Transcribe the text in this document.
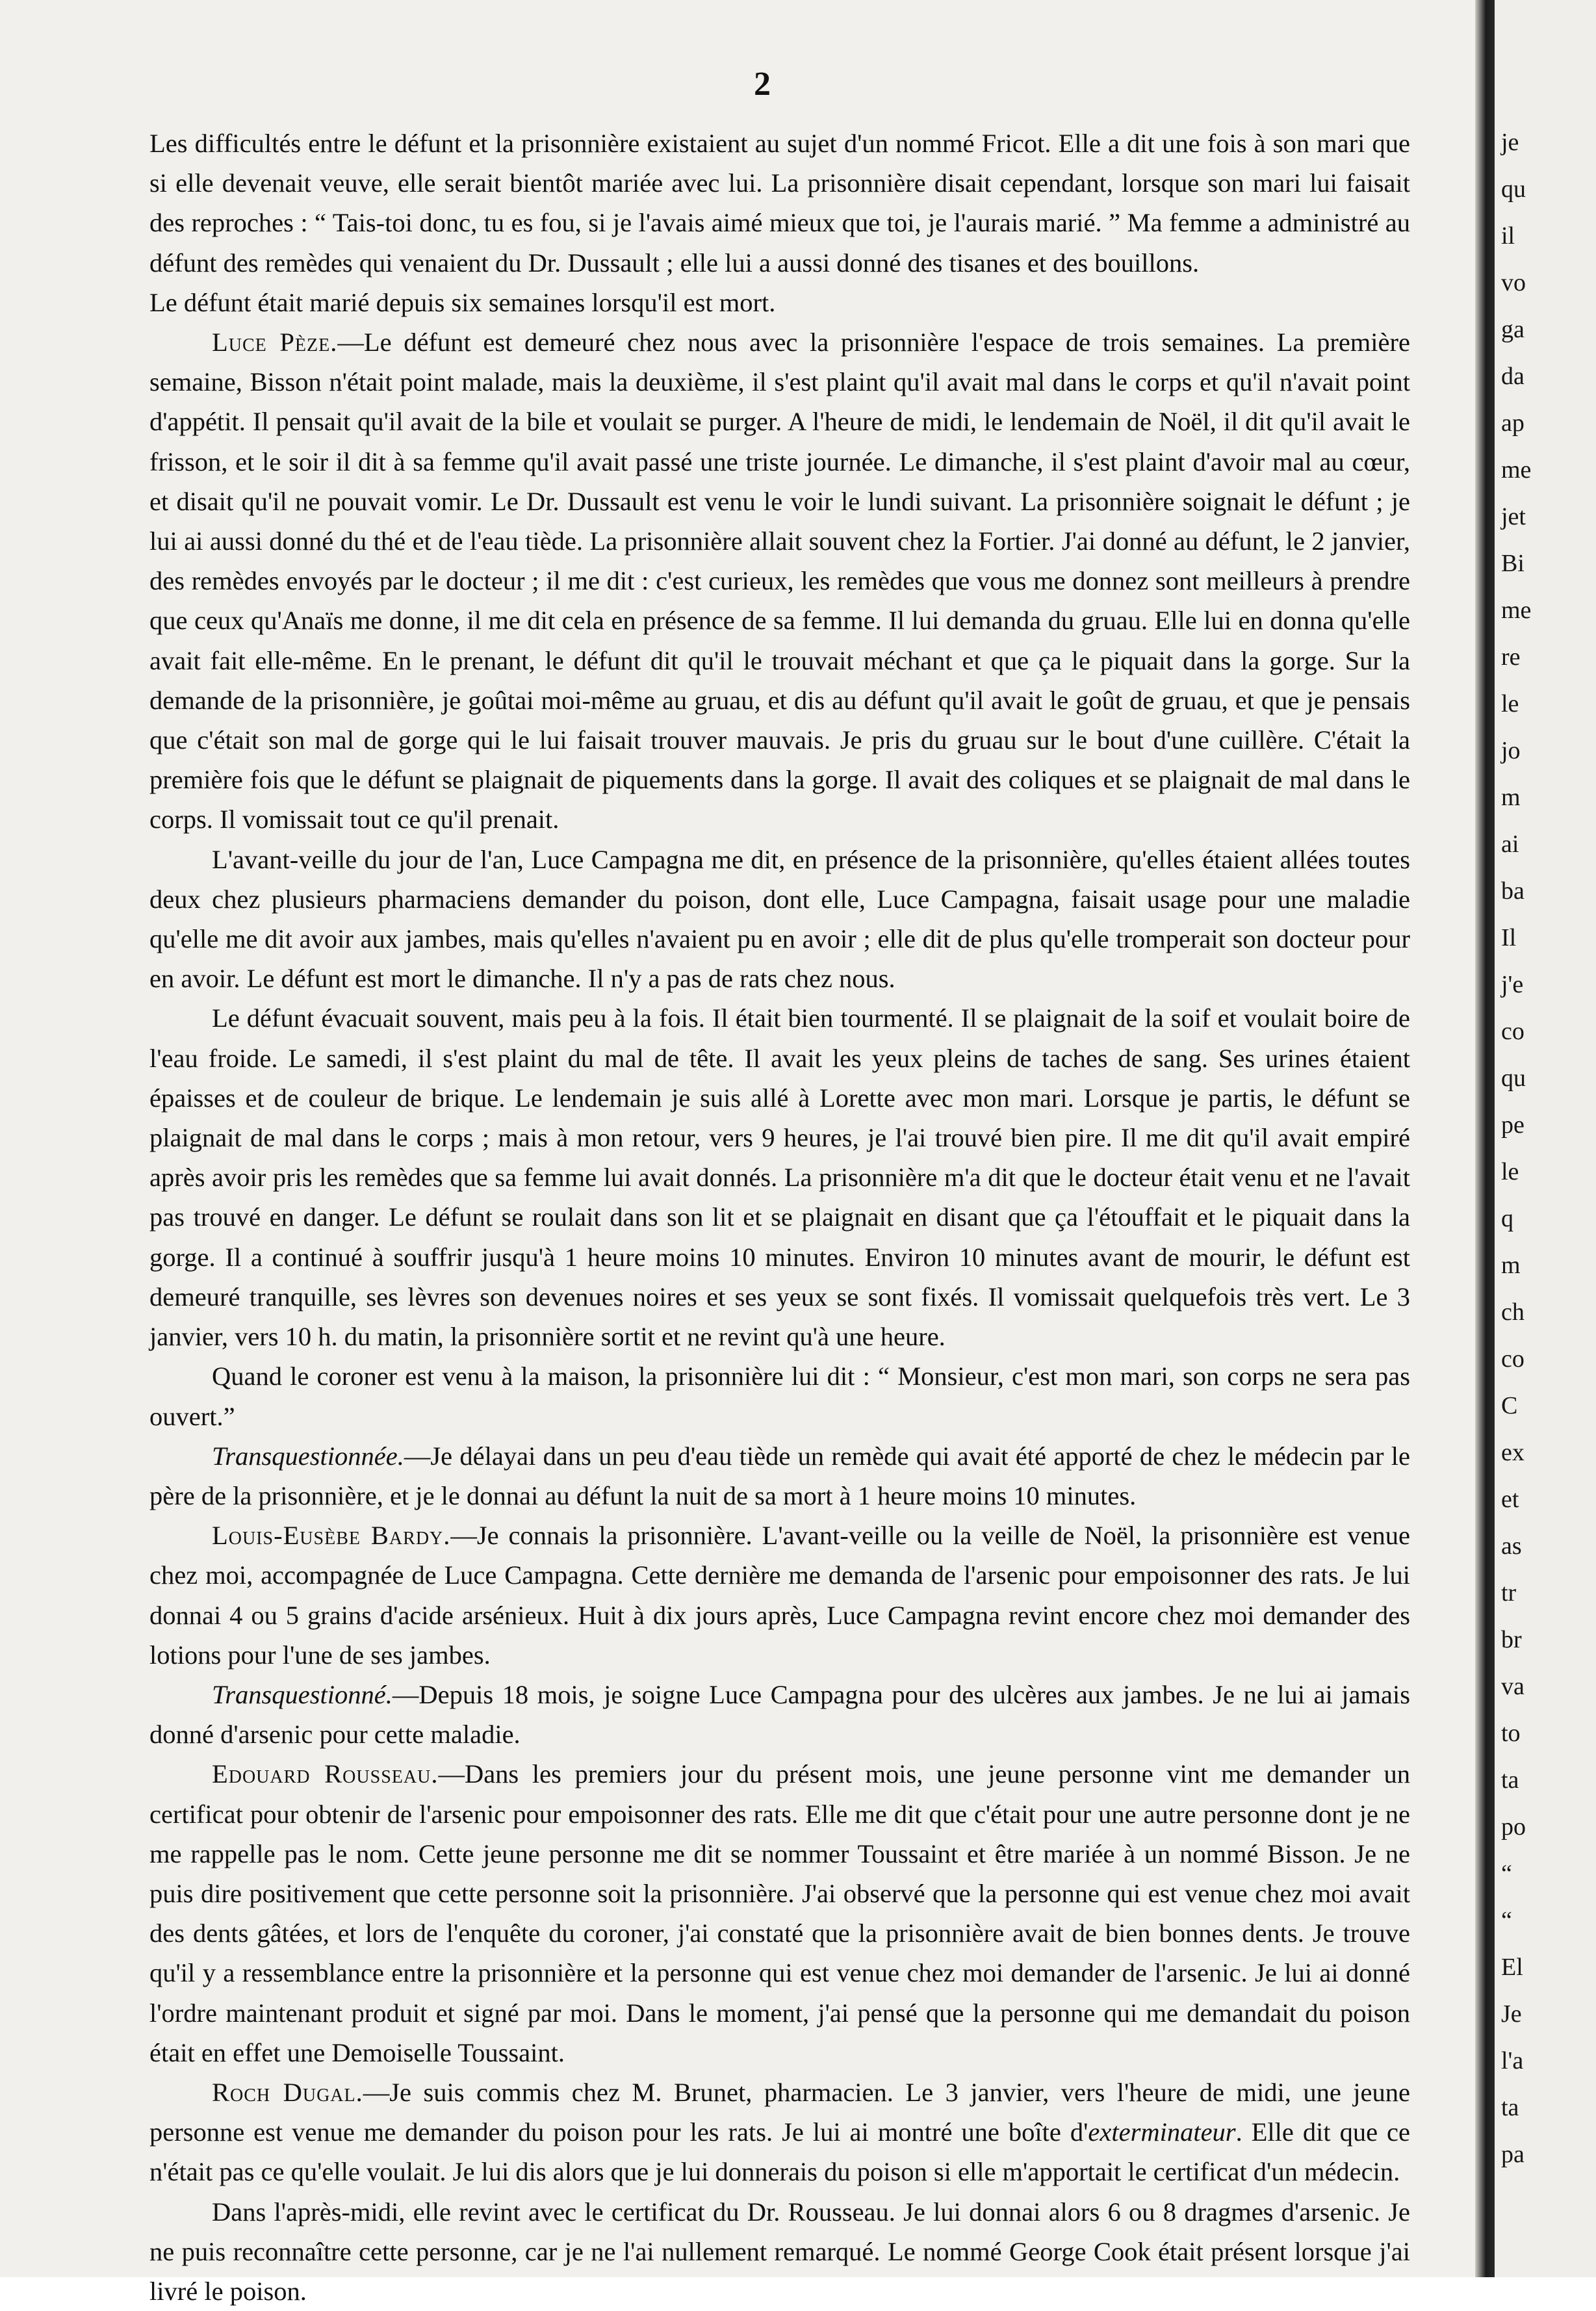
2

Les difficultés entre le défunt et la prisonnière existaient au sujet d'un nommé Fricot. Elle a dit une fois à son mari que si elle devenait veuve, elle serait bientôt mariée avec lui. La prisonnière disait cependant, lorsque son mari lui faisait des reproches : “ Tais-toi donc, tu es fou, si je l'avais aimé mieux que toi, je l'aurais marié. ” Ma femme a administré au défunt des remèdes qui venaient du Dr. Dussault ; elle lui a aussi donné des tisanes et des bouillons.

Le défunt était marié depuis six semaines lorsqu'il est mort.

Luce Pèze.—Le défunt est demeuré chez nous avec la prisonnière l'espace de trois semaines. La première semaine, Bisson n'était point malade, mais la deuxième, il s'est plaint qu'il avait mal dans le corps et qu'il n'avait point d'appétit. Il pensait qu'il avait de la bile et voulait se purger. A l'heure de midi, le lendemain de Noël, il dit qu'il avait le frisson, et le soir il dit à sa femme qu'il avait passé une triste journée. Le dimanche, il s'est plaint d'avoir mal au cœur, et disait qu'il ne pouvait vomir. Le Dr. Dussault est venu le voir le lundi suivant. La prisonnière soignait le défunt ; je lui ai aussi donné du thé et de l'eau tiède. La prisonnière allait souvent chez la Fortier. J'ai donné au défunt, le 2 janvier, des remèdes envoyés par le docteur ; il me dit : c'est curieux, les remèdes que vous me donnez sont meilleurs à prendre que ceux qu'Anaïs me donne, il me dit cela en présence de sa femme. Il lui demanda du gruau. Elle lui en donna qu'elle avait fait elle-même. En le prenant, le défunt dit qu'il le trouvait méchant et que ça le piquait dans la gorge. Sur la demande de la prisonnière, je goûtai moi-même au gruau, et dis au défunt qu'il avait le goût de gruau, et que je pensais que c'était son mal de gorge qui le lui faisait trouver mauvais. Je pris du gruau sur le bout d'une cuillère. C'était la première fois que le défunt se plaignait de piquements dans la gorge. Il avait des coliques et se plaignait de mal dans le corps. Il vomissait tout ce qu'il prenait.

L'avant-veille du jour de l'an, Luce Campagna me dit, en présence de la prisonnière, qu'elles étaient allées toutes deux chez plusieurs pharmaciens demander du poison, dont elle, Luce Campagna, faisait usage pour une maladie qu'elle me dit avoir aux jambes, mais qu'elles n'avaient pu en avoir ; elle dit de plus qu'elle tromperait son docteur pour en avoir. Le défunt est mort le dimanche. Il n'y a pas de rats chez nous.

Le défunt évacuait souvent, mais peu à la fois. Il était bien tourmenté. Il se plaignait de la soif et voulait boire de l'eau froide. Le samedi, il s'est plaint du mal de tête. Il avait les yeux pleins de taches de sang. Ses urines étaient épaisses et de couleur de brique. Le lendemain je suis allé à Lorette avec mon mari. Lorsque je partis, le défunt se plaignait de mal dans le corps ; mais à mon retour, vers 9 heures, je l'ai trouvé bien pire. Il me dit qu'il avait empiré après avoir pris les remèdes que sa femme lui avait donnés. La prisonnière m'a dit que le docteur était venu et ne l'avait pas trouvé en danger. Le défunt se roulait dans son lit et se plaignait en disant que ça l'étouffait et le piquait dans la gorge. Il a continué à souffrir jusqu'à 1 heure moins 10 minutes. Environ 10 minutes avant de mourir, le défunt est demeuré tranquille, ses lèvres son devenues noires et ses yeux se sont fixés. Il vomissait quelquefois très vert. Le 3 janvier, vers 10 h. du matin, la prisonnière sortit et ne revint qu'à une heure.

Quand le coroner est venu à la maison, la prisonnière lui dit : “ Monsieur, c'est mon mari, son corps ne sera pas ouvert.”

Transquestionnée.—Je délayai dans un peu d'eau tiède un remède qui avait été apporté de chez le médecin par le père de la prisonnière, et je le donnai au défunt la nuit de sa mort à 1 heure moins 10 minutes.

Louis-Eusèbe Bardy.—Je connais la prisonnière. L'avant-veille ou la veille de Noël, la prisonnière est venue chez moi, accompagnée de Luce Campagna. Cette dernière me demanda de l'arsenic pour empoisonner des rats. Je lui donnai 4 ou 5 grains d'acide arsénieux. Huit à dix jours après, Luce Campagna revint encore chez moi demander des lotions pour l'une de ses jambes.

Transquestionné.—Depuis 18 mois, je soigne Luce Campagna pour des ulcères aux jambes. Je ne lui ai jamais donné d'arsenic pour cette maladie.

Edouard Rousseau.—Dans les premiers jour du présent mois, une jeune personne vint me demander un certificat pour obtenir de l'arsenic pour empoisonner des rats. Elle me dit que c'était pour une autre personne dont je ne me rappelle pas le nom. Cette jeune personne me dit se nommer Toussaint et être mariée à un nommé Bisson. Je ne puis dire positivement que cette personne soit la prisonnière. J'ai observé que la personne qui est venue chez moi avait des dents gâtées, et lors de l'enquête du coroner, j'ai constaté que la prisonnière avait de bien bonnes dents. Je trouve qu'il y a ressemblance entre la prisonnière et la personne qui est venue chez moi demander de l'arsenic. Je lui ai donné l'ordre maintenant produit et signé par moi. Dans le moment, j'ai pensé que la personne qui me demandait du poison était en effet une Demoiselle Toussaint.

Roch Dugal.—Je suis commis chez M. Brunet, pharmacien. Le 3 janvier, vers l'heure de midi, une jeune personne est venue me demander du poison pour les rats. Je lui ai montré une boîte d'exterminateur. Elle dit que ce n'était pas ce qu'elle voulait. Je lui dis alors que je lui donnerais du poison si elle m'apportait le certificat d'un médecin.

Dans l'après-midi, elle revint avec le certificat du Dr. Rousseau. Je lui donnai alors 6 ou 8 dragmes d'arsenic. Je ne puis reconnaître cette personne, car je ne l'ai nullement remarqué. Le nommé George Cook était présent lorsque j'ai livré le poison.

je
qu
il
vo
ga
da
ap
me
jet
Bi
me
re
le
jo
m
ai
ba
Il
j'e
co
qu
pe
le
q
m
ch
co
C
ex
et
as
tr
br
va
to
ta
po
“
“
El
Je
l'a
ta
pa
